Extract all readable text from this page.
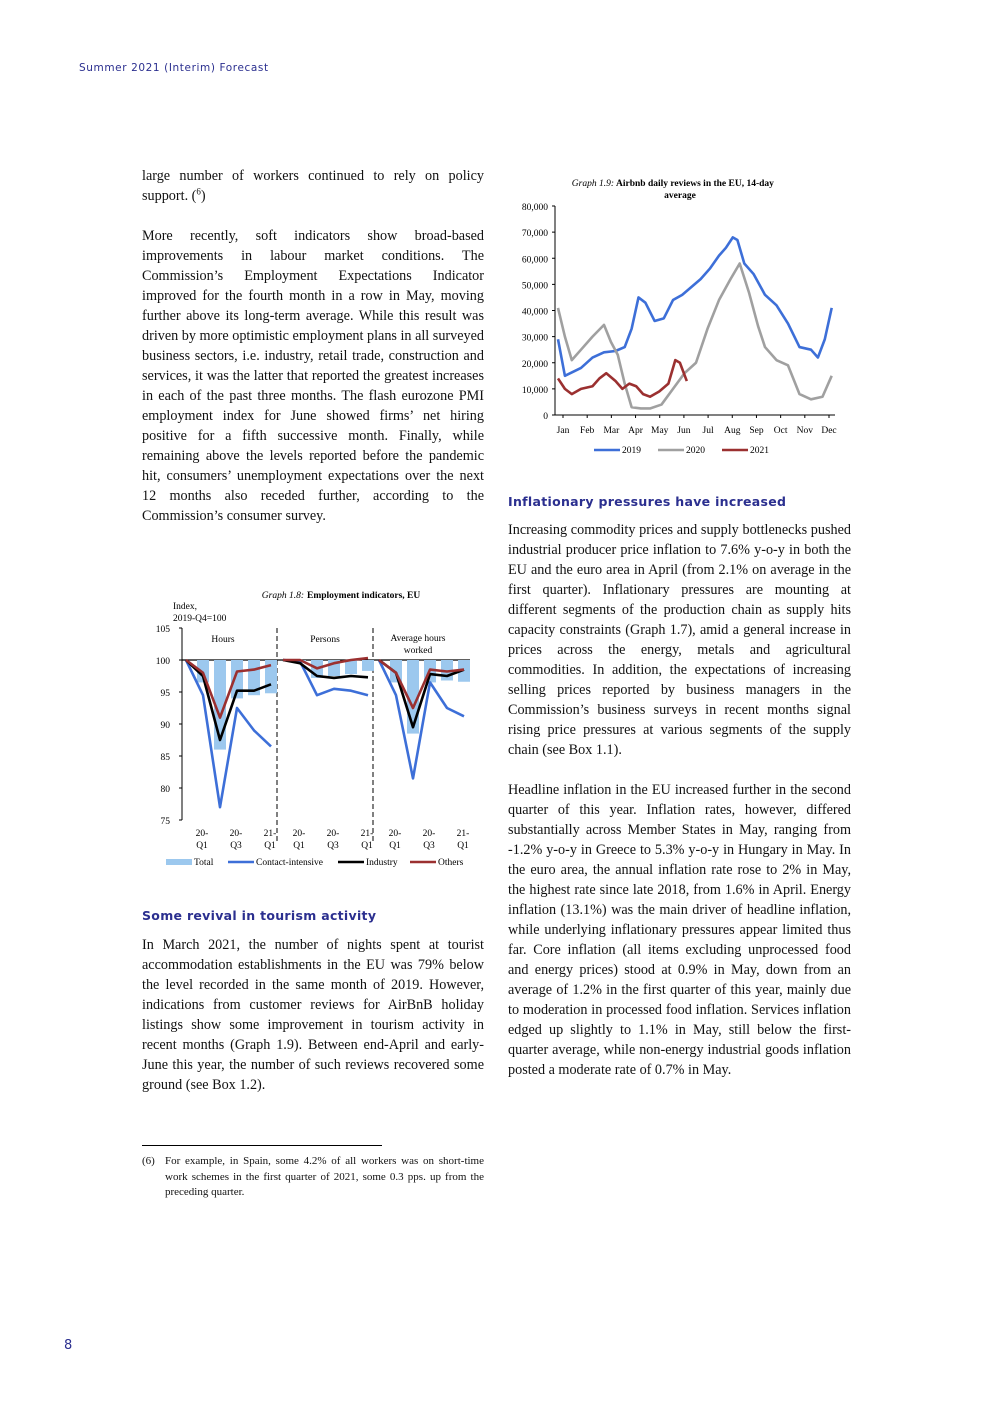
Summer 2021 (Interim) Forecast

large number of workers continued to rely on policy support. ($^6$)

More recently, soft indicators show broad-based improvements in labour market conditions. The Commission’s Employment Expectations Indicator improved for the fourth month in a row in May, moving further above its long-term average. While this result was driven by more optimistic employment plans in all surveyed business sectors, i.e. industry, retail trade, construction and services, it was the latter that reported the greatest increases in each of the past three months. The flash eurozone PMI employment index for June showed firms’ net hiring positive for a fifth successive month. Finally, while remaining above the levels reported before the pandemic hit, consumers’ unemployment expectations over the next 12 months also receded further, according to the Commission’s consumer survey.

Graph 1.8: Employment indicators, EU
Index,
2019-Q4=100
105
100
95
90
85
80
75
Hours	Persons	Average hours
worked
20-
Q1
20-
Q3
21-
Q1
20-
Q1
20-
Q3
21-
Q1
20-
Q1
20-
Q3
21-
Q1
Total	Contact-intensive	Industry	Others
Some revival in tourism activity

In March 2021, the number of nights spent at tourist accommodation establishments in the EU was 79% below the level recorded in the same month of 2019. However, indications from customer reviews for AirBnB holiday listings show some improvement in tourism activity in recent months (Graph 1.9). Between end-April and early-June this year, the number of such reviews recovered some ground (see Box 1.2).

(6) For example, in Spain, some 4.2% of all workers was on short-time work schemes in the first quarter of 2021, some 0.3 pps. up from the preceding quarter.
Graph 1.9: Airbnb daily reviews in the EU, 14-day
average
80,000
70,000
60,000
50,000
40,000
30,000
20,000
10,000
0
Jan Feb Mar Apr May Jun Jul Aug Sep Oct Nov Dec
2019	2020	2021
Inflationary pressures have increased

Increasing commodity prices and supply bottlenecks pushed industrial producer price inflation to 7.6% y-o-y in both the EU and the euro area in April (from 2.1% on average in the first quarter). Inflationary pressures are mounting at different segments of the production chain as supply hits capacity constraints (Graph 1.7), amid a general increase in prices across the energy, metals and agricultural commodities. In addition, the expectations of increasing selling prices reported by business managers in the Commission’s business surveys in recent months signal rising price pressures at various segments of the supply chain (see Box 1.1).

Headline inflation in the EU increased further in the second quarter of this year. Inflation rates, however, differed substantially across Member States in May, ranging from -1.2% y-o-y in Greece to 5.3% y-o-y in Hungary in May. In the euro area, the annual inflation rate rose to 2% in May, the highest rate since late 2018, from 1.6% in April. Energy inflation (13.1%) was the main driver of headline inflation, while underlying inflationary pressures appear limited thus far. Core inflation (all items excluding unprocessed food and energy prices) stood at 0.9% in May, down from an average of 1.2% in the first quarter of this year, mainly due to moderation in processed food inflation. Services inflation edged up slightly to 1.1% in May, still below the first-quarter average, while non-energy industrial goods inflation posted a moderate rate of 0.7% in May.

8
